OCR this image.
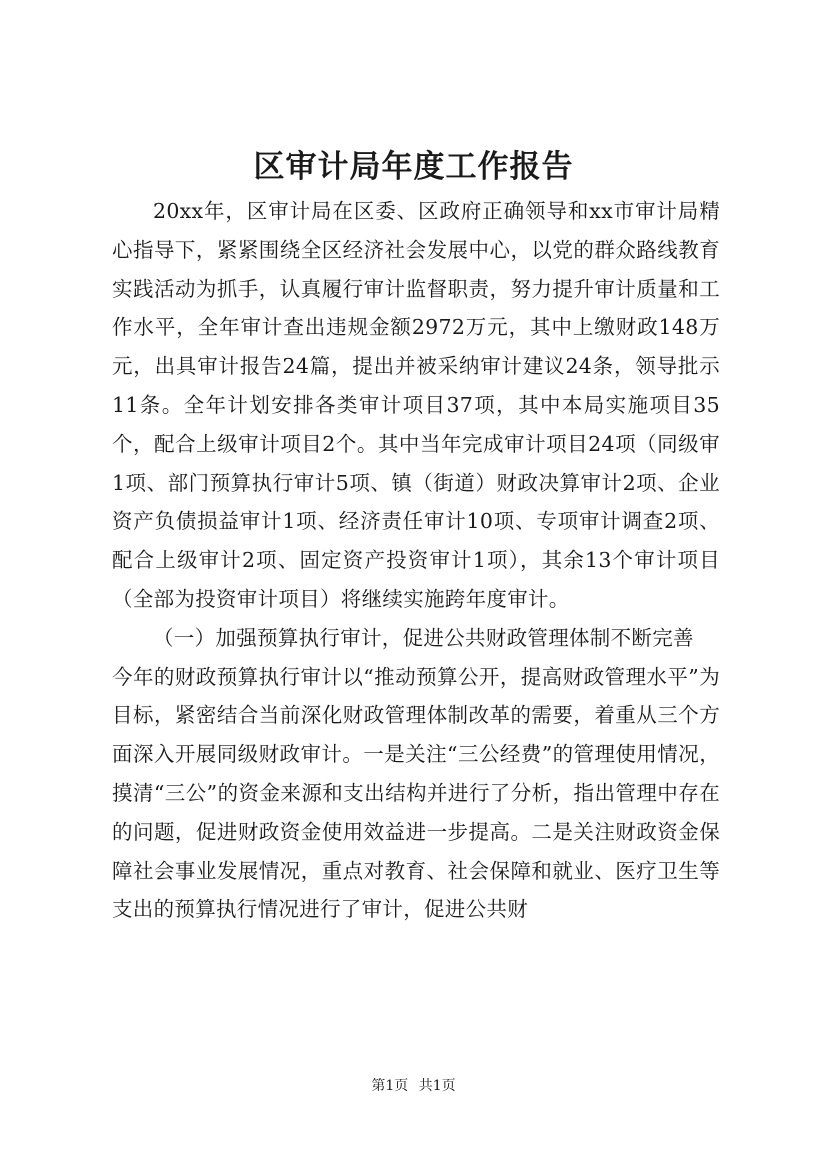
区审计局年度工作报告

20xx年，区审计局在区委、区政府正确领导和xx市审计局精心指导下，紧紧围绕全区经济社会发展中心，以党的群众路线教育实践活动为抓手，认真履行审计监督职责，努力提升审计质量和工作水平，全年审计查出违规金额2972万元，其中上缴财政148万元，出具审计报告24篇，提出并被采纳审计建议24条，领导批示11条。全年计划安排各类审计项目37项，其中本局实施项目35个，配合上级审计项目2个。其中当年完成审计项目24项（同级审1项、部门预算执行审计5项、镇（街道）财政决算审计2项、企业资产负债损益审计1项、经济责任审计10项、专项审计调查2项、配合上级审计2项、固定资产投资审计1项），其余13个审计项目（全部为投资审计项目）将继续实施跨年度审计。

（一）加强预算执行审计，促进公共财政管理体制不断完善

今年的财政预算执行审计以“推动预算公开，提高财政管理水平”为目标，紧密结合当前深化财政管理体制改革的需要，着重从三个方面深入开展同级财政审计。一是关注“三公经费”的管理使用情况，摸清“三公”的资金来源和支出结构并进行了分析，指出管理中存在的问题，促进财政资金使用效益进一步提高。二是关注财政资金保障社会事业发展情况，重点对教育、社会保障和就业、医疗卫生等支出的预算执行情况进行了审计，促进公共财

第1页 共1页
